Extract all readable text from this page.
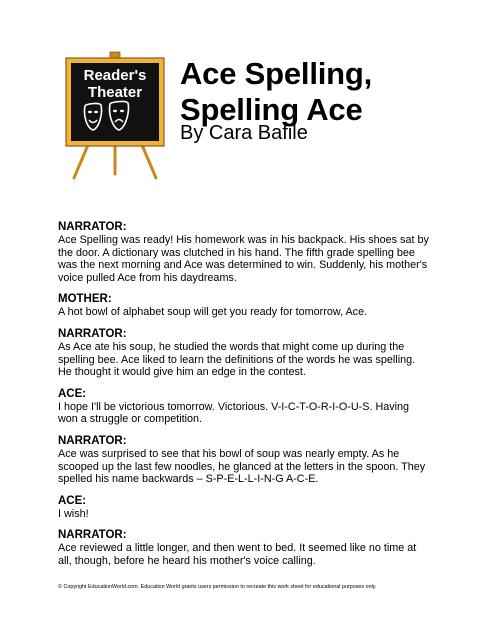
Reader's
Theater
Ace Spelling,
Spelling Ace
By Cara Bafile
NARRATOR:
Ace Spelling was ready! His homework was in his backpack. His shoes sat by the door. A dictionary was clutched in his hand. The fifth grade spelling bee was the next morning and Ace was determined to win. Suddenly, his mother's voice pulled Ace from his daydreams.
MOTHER:
A hot bowl of alphabet soup will get you ready for tomorrow, Ace.
NARRATOR:
As Ace ate his soup, he studied the words that might come up during the spelling bee. Ace liked to learn the definitions of the words he was spelling. He thought it would give him an edge in the contest.
ACE:
I hope I'll be victorious tomorrow. Victorious. V-I-C-T-O-R-I-O-U-S. Having won a struggle or competition.
NARRATOR:
Ace was surprised to see that his bowl of soup was nearly empty. As he scooped up the last few noodles, he glanced at the letters in the spoon. They spelled his name backwards – S-P-E-L-L-I-N-G A-C-E.
ACE:
I wish!
NARRATOR:
Ace reviewed a little longer, and then went to bed. It seemed like no time at all, though, before he heard his mother's voice calling.
© Copyright EducationWorld.com. Education World grants users permission to recreate this work sheet for educational purposes only.
